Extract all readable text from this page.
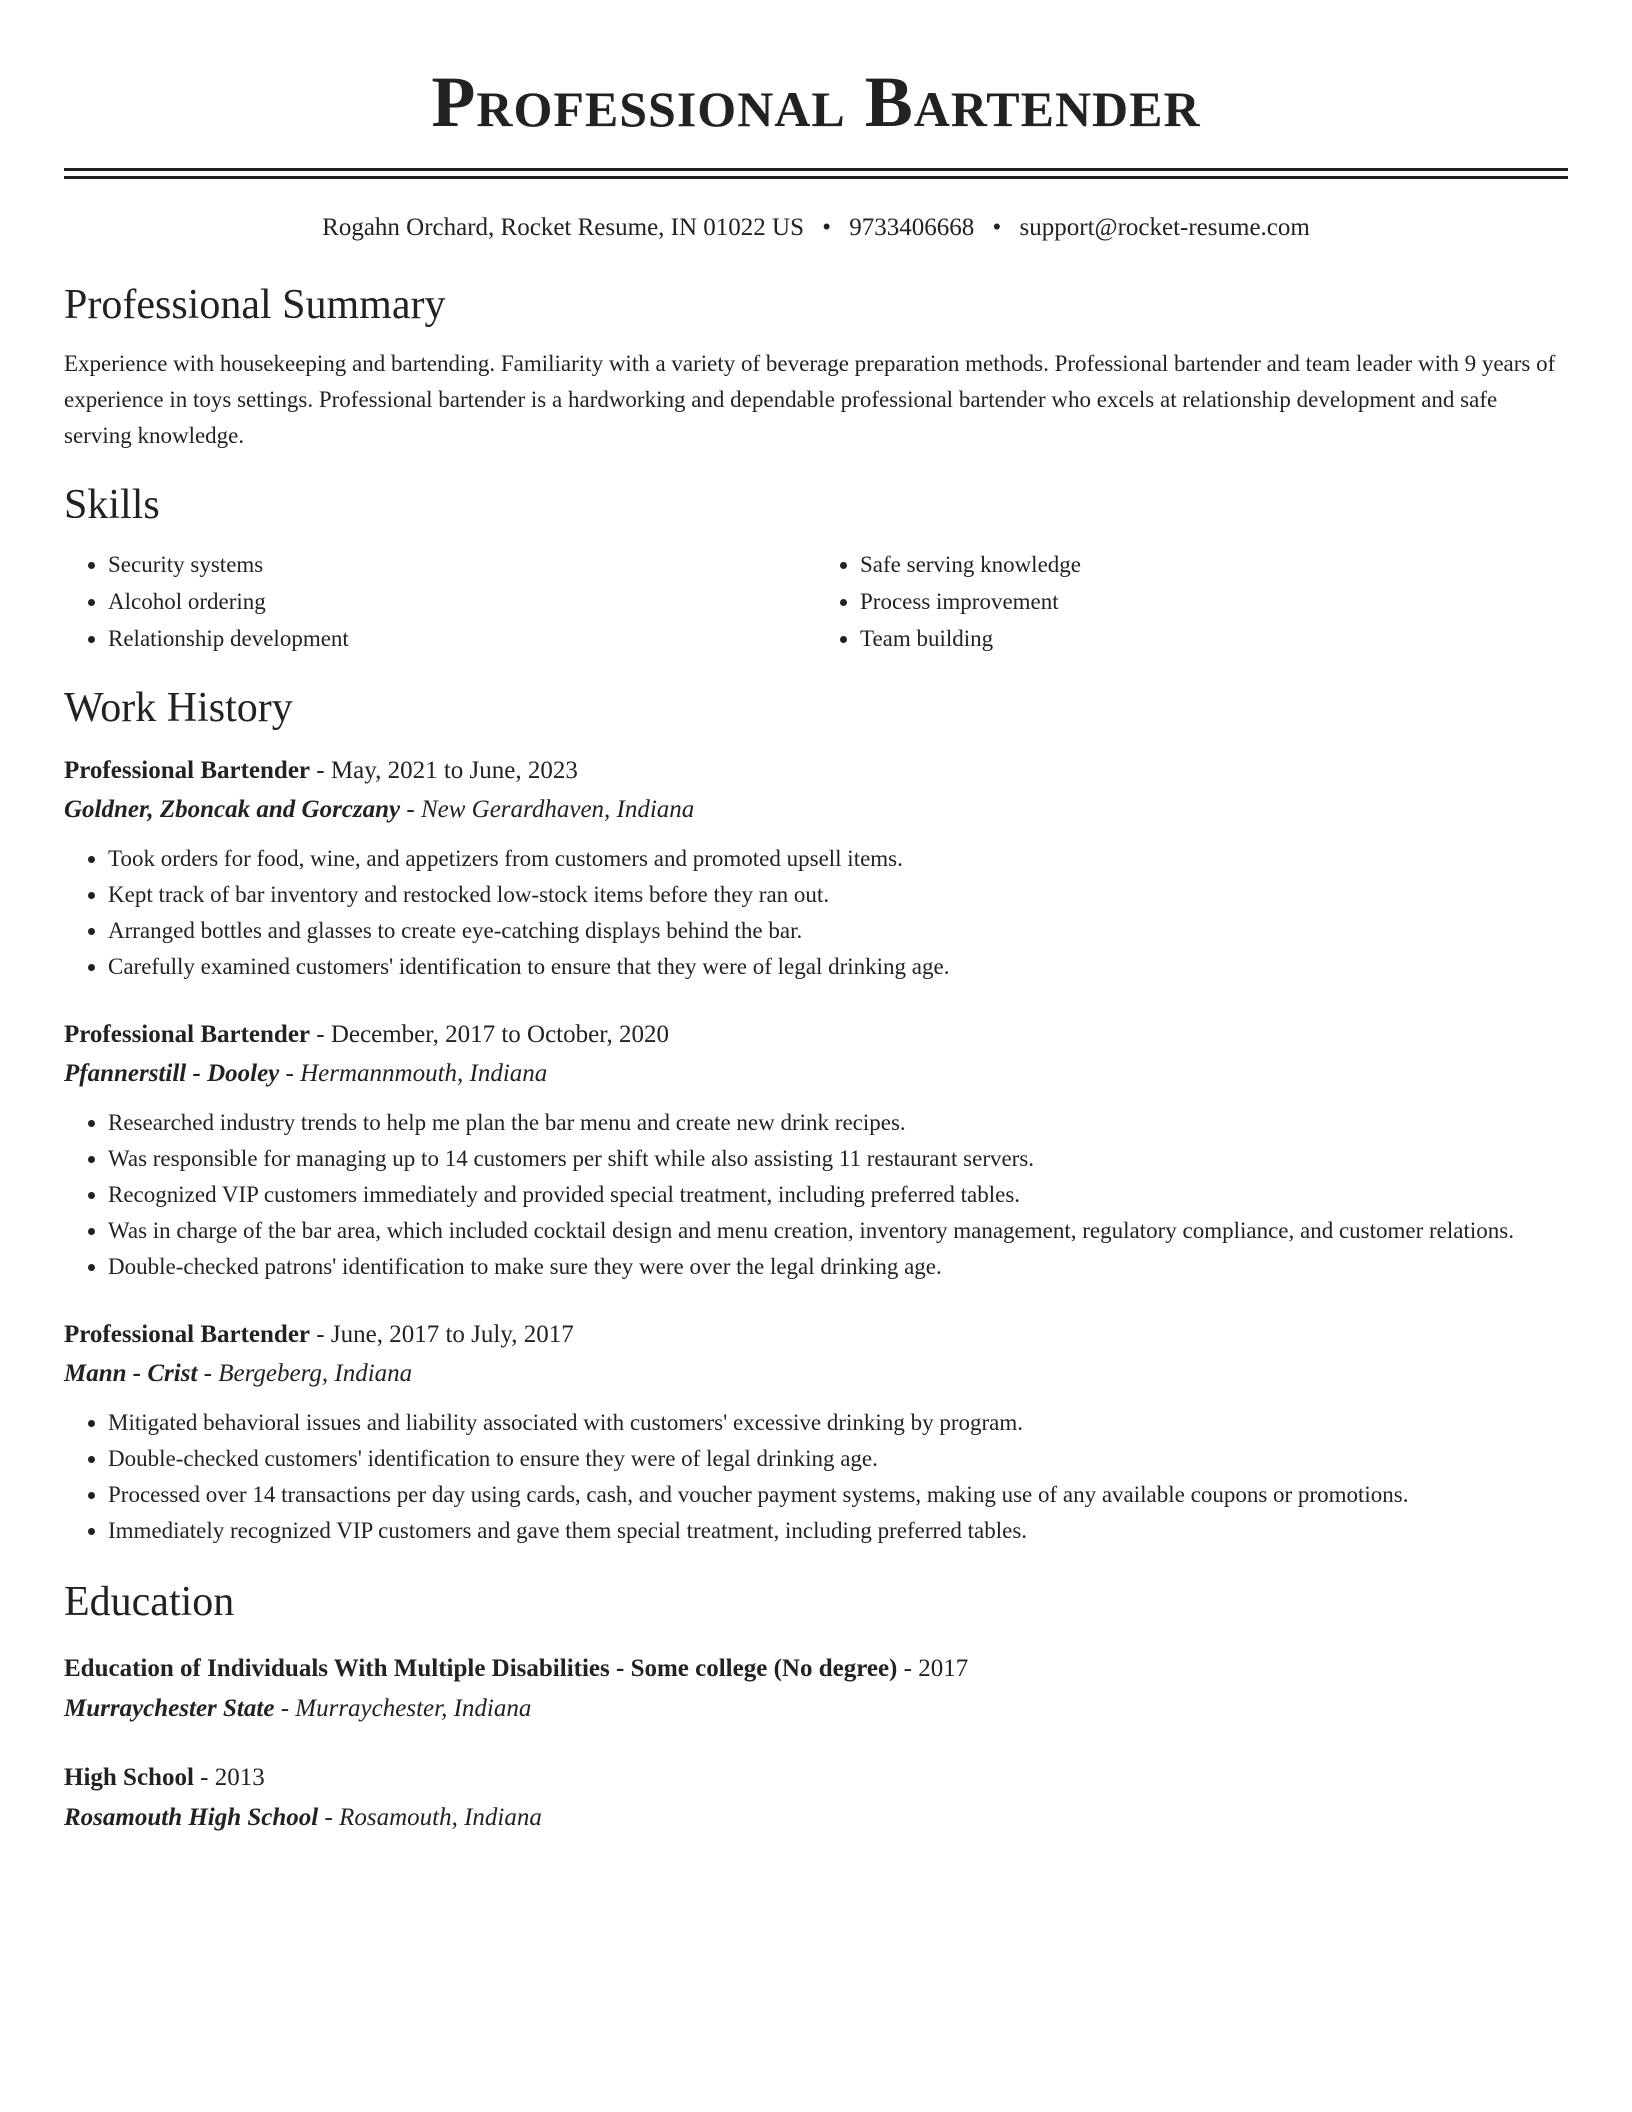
Professional Bartender
Rogahn Orchard, Rocket Resume, IN 01022 US • 9733406668 • support@rocket-resume.com
Professional Summary

Experience with housekeeping and bartending. Familiarity with a variety of beverage preparation methods. Professional bartender and team leader with 9 years of experience in toys settings. Professional bartender is a hardworking and dependable professional bartender who excels at relationship development and safe serving knowledge.

Skills
• Security systems
• Alcohol ordering
• Relationship development
• Safe serving knowledge
• Process improvement
• Team building
Work History
Professional Bartender - May, 2021 to June, 2023
Goldner, Zboncak and Gorczany - New Gerardhaven, Indiana
• Took orders for food, wine, and appetizers from customers and promoted upsell items.
• Kept track of bar inventory and restocked low-stock items before they ran out.
• Arranged bottles and glasses to create eye-catching displays behind the bar.
• Carefully examined customers' identification to ensure that they were of legal drinking age.
Professional Bartender - December, 2017 to October, 2020
Pfannerstill - Dooley - Hermannmouth, Indiana
• Researched industry trends to help me plan the bar menu and create new drink recipes.
• Was responsible for managing up to 14 customers per shift while also assisting 11 restaurant servers.
• Recognized VIP customers immediately and provided special treatment, including preferred tables.
• Was in charge of the bar area, which included cocktail design and menu creation, inventory management, regulatory compliance, and customer relations.
• Double-checked patrons' identification to make sure they were over the legal drinking age.
Professional Bartender - June, 2017 to July, 2017
Mann - Crist - Bergeberg, Indiana
• Mitigated behavioral issues and liability associated with customers' excessive drinking by program.
• Double-checked customers' identification to ensure they were of legal drinking age.
• Processed over 14 transactions per day using cards, cash, and voucher payment systems, making use of any available coupons or promotions.
• Immediately recognized VIP customers and gave them special treatment, including preferred tables.
Education
Education of Individuals With Multiple Disabilities - Some college (No degree) - 2017
Murraychester State - Murraychester, Indiana
High School - 2013
Rosamouth High School - Rosamouth, Indiana
